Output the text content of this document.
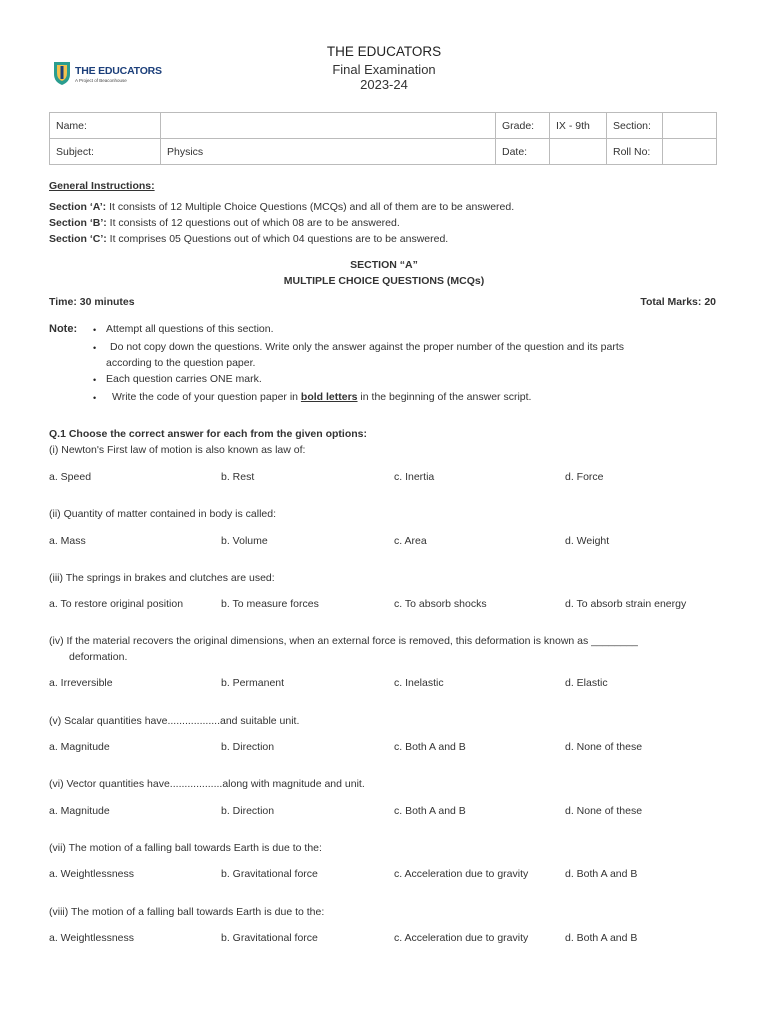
THE EDUCATORS
Final Examination
2023-24
THE EDUCATORS
A Project of Beaconhouse
Name:		Grade:	IX - 9th	Section:	
Subject:	Physics	Date:		Roll No:	
General Instructions:
Section ‘A’: It consists of 12 Multiple Choice Questions (MCQs) and all of them are to be answered.
Section ‘B’: It consists of 12 questions out of which 08 are to be answered.
Section ‘C’: It comprises 05 Questions out of which 04 questions are to be answered.
SECTION “A”
MULTIPLE CHOICE QUESTIONS (MCQs)
Time: 30 minutes	Total Marks: 20
Note: • Attempt all questions of this section.
• Do not copy down the questions. Write only the answer against the proper number of the question and its parts
according to the question paper.
• Each question carries ONE mark.
• Write the code of your question paper in bold letters in the beginning of the answer script.
Q.1 Choose the correct answer for each from the given options:
(i) Newton's First law of motion is also known as law of:
a. Speed	b. Rest	c. Inertia	d. Force
(ii) Quantity of matter contained in body is called:
a. Mass	b. Volume	c. Area	d. Weight
(iii) The springs in brakes and clutches are used:
a. To restore original position	b. To measure forces	c. To absorb shocks	d. To absorb strain energy
(iv) If the material recovers the original dimensions, when an external force is removed, this deformation is known as ________
deformation.
a. Irreversible	b. Permanent	c. Inelastic	d. Elastic
(v) Scalar quantities have..................and suitable unit.
a. Magnitude	b. Direction	c. Both A and B	d. None of these
(vi) Vector quantities have..................along with magnitude and unit.
a. Magnitude	b. Direction	c. Both A and B	d. None of these
(vii) The motion of a falling ball towards Earth is due to the:
a. Weightlessness	b. Gravitational force	c. Acceleration due to gravity	d. Both A and B
(viii) The motion of a falling ball towards Earth is due to the:
a. Weightlessness	b. Gravitational force	c. Acceleration due to gravity	d. Both A and B
